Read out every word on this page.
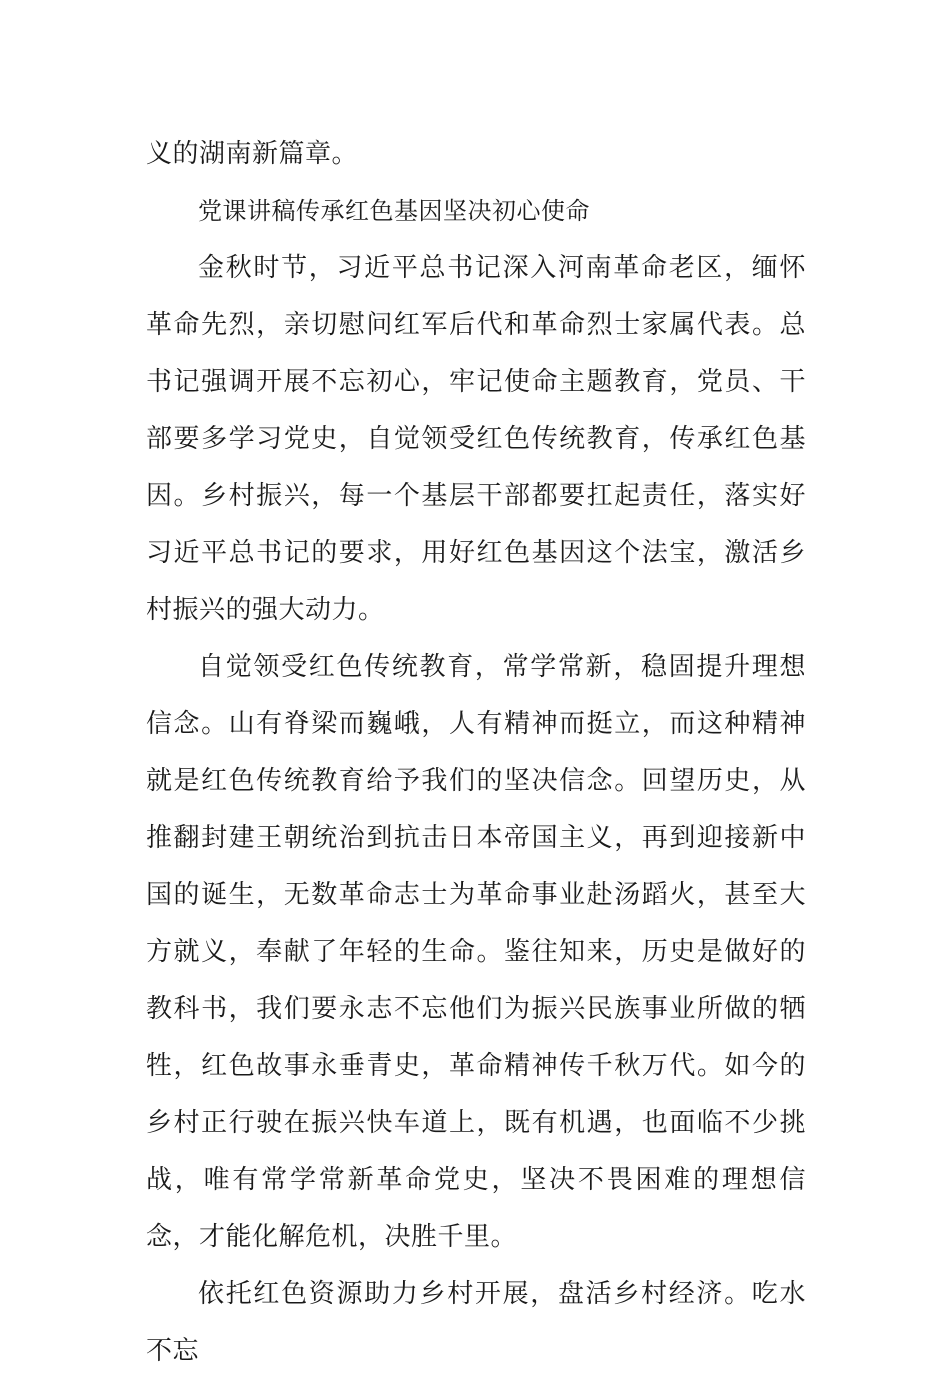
义的湖南新篇章。

党课讲稿传承红色基因坚决初心使命

金秋时节，习近平总书记深入河南革命老区，缅怀革命先烈，亲切慰问红军后代和革命烈士家属代表。总书记强调开展不忘初心，牢记使命主题教育，党员、干部要多学习党史，自觉领受红色传统教育，传承红色基因。乡村振兴，每一个基层干部都要扛起责任，落实好习近平总书记的要求，用好红色基因这个法宝，激活乡村振兴的强大动力。

自觉领受红色传统教育，常学常新，稳固提升理想信念。山有脊梁而巍峨，人有精神而挺立，而这种精神就是红色传统教育给予我们的坚决信念。回望历史，从推翻封建王朝统治到抗击日本帝国主义，再到迎接新中国的诞生，无数革命志士为革命事业赴汤蹈火，甚至大方就义，奉献了年轻的生命。鉴往知来，历史是做好的教科书，我们要永志不忘他们为振兴民族事业所做的牺牲，红色故事永垂青史，革命精神传千秋万代。如今的乡村正行驶在振兴快车道上，既有机遇，也面临不少挑战，唯有常学常新革命党史，坚决不畏困难的理想信念，才能化解危机，决胜千里。

依托红色资源助力乡村开展，盘活乡村经济。吃水不忘
